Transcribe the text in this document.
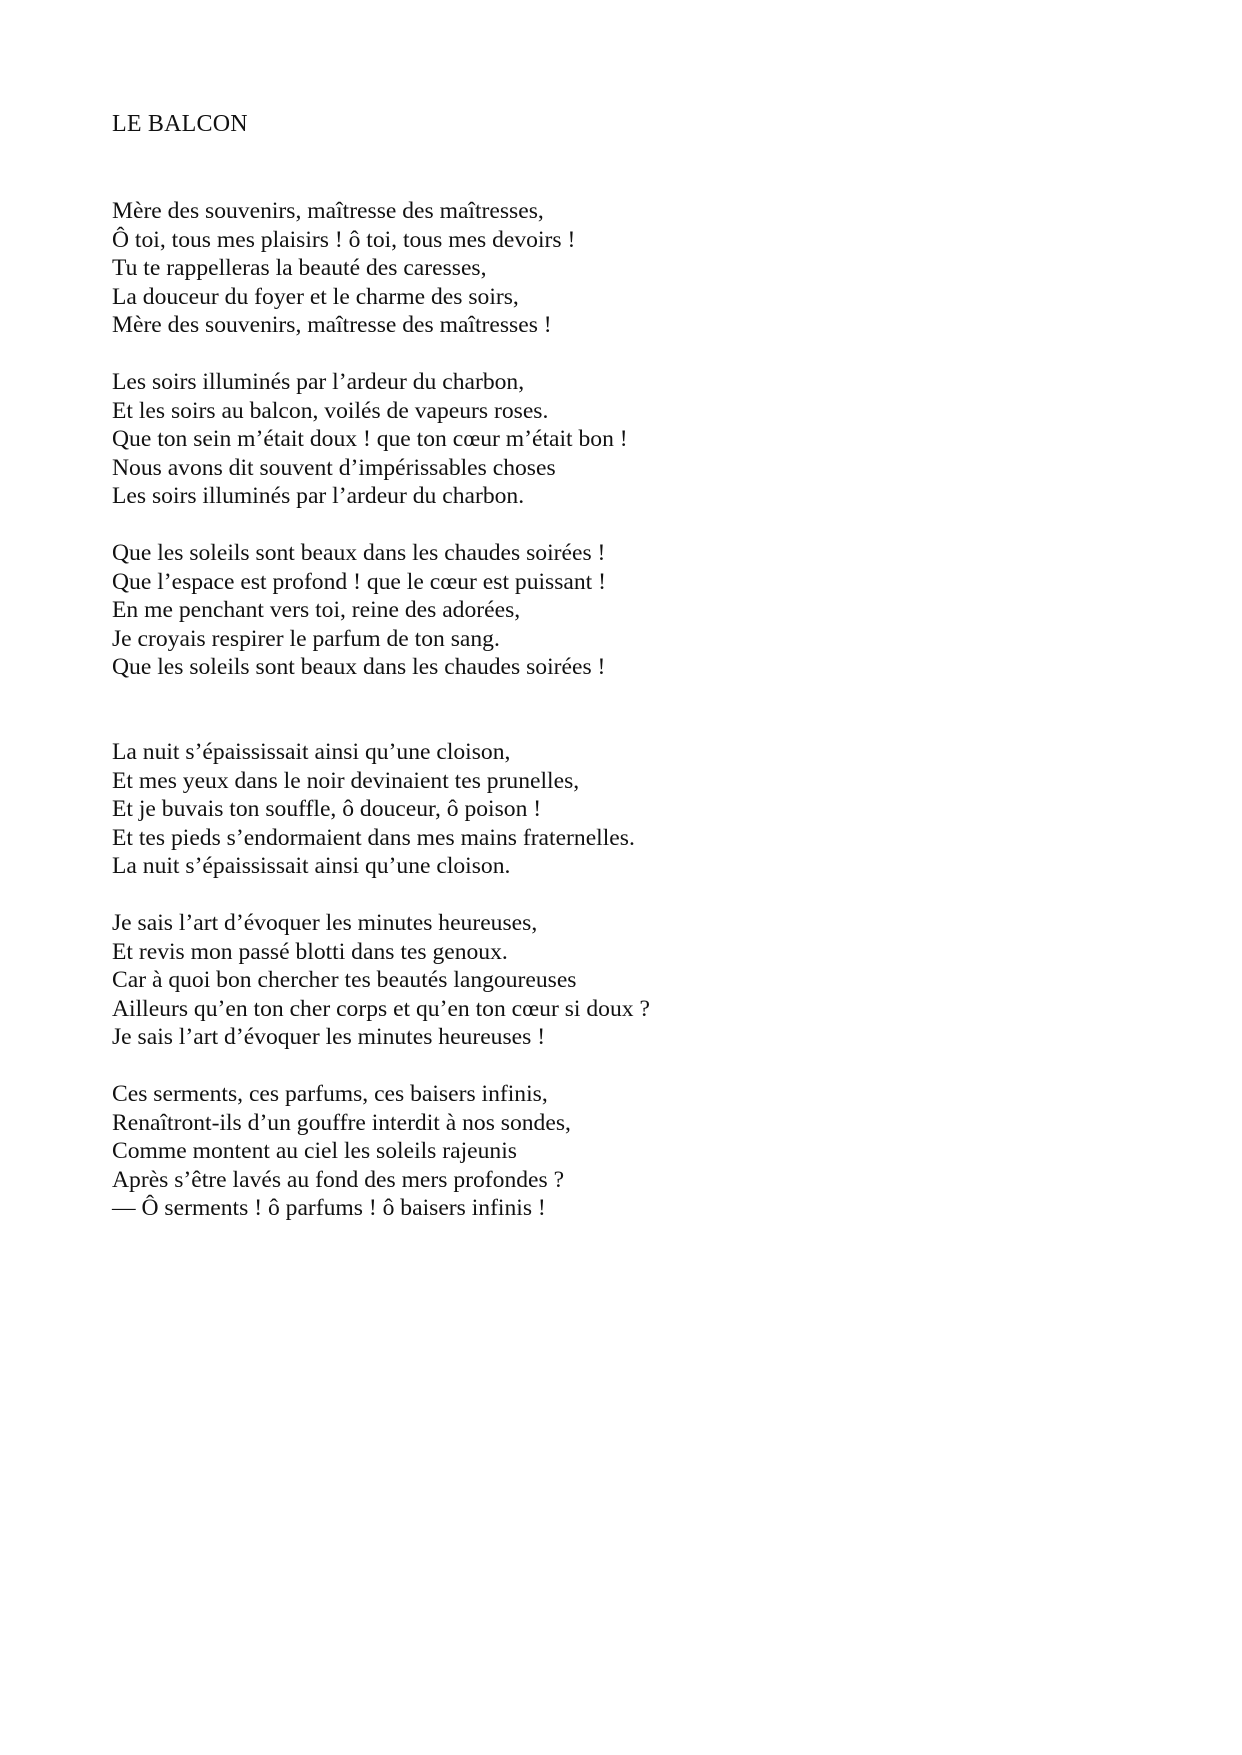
LE BALCON
Mère des souvenirs, maîtresse des maîtresses,
Ô toi, tous mes plaisirs ! ô toi, tous mes devoirs !
Tu te rappelleras la beauté des caresses,
La douceur du foyer et le charme des soirs,
Mère des souvenirs, maîtresse des maîtresses !
Les soirs illuminés par l’ardeur du charbon,
Et les soirs au balcon, voilés de vapeurs roses.
Que ton sein m’était doux ! que ton cœur m’était bon !
Nous avons dit souvent d’impérissables choses
Les soirs illuminés par l’ardeur du charbon.
Que les soleils sont beaux dans les chaudes soirées !
Que l’espace est profond ! que le cœur est puissant !
En me penchant vers toi, reine des adorées,
Je croyais respirer le parfum de ton sang.
Que les soleils sont beaux dans les chaudes soirées !
La nuit s’épaississait ainsi qu’une cloison,
Et mes yeux dans le noir devinaient tes prunelles,
Et je buvais ton souffle, ô douceur, ô poison !
Et tes pieds s’endormaient dans mes mains fraternelles.
La nuit s’épaississait ainsi qu’une cloison.
Je sais l’art d’évoquer les minutes heureuses,
Et revis mon passé blotti dans tes genoux.
Car à quoi bon chercher tes beautés langoureuses
Ailleurs qu’en ton cher corps et qu’en ton cœur si doux ?
Je sais l’art d’évoquer les minutes heureuses !
Ces serments, ces parfums, ces baisers infinis,
Renaîtront-ils d’un gouffre interdit à nos sondes,
Comme montent au ciel les soleils rajeunis
Après s’être lavés au fond des mers profondes ?
— Ô serments ! ô parfums ! ô baisers infinis !
